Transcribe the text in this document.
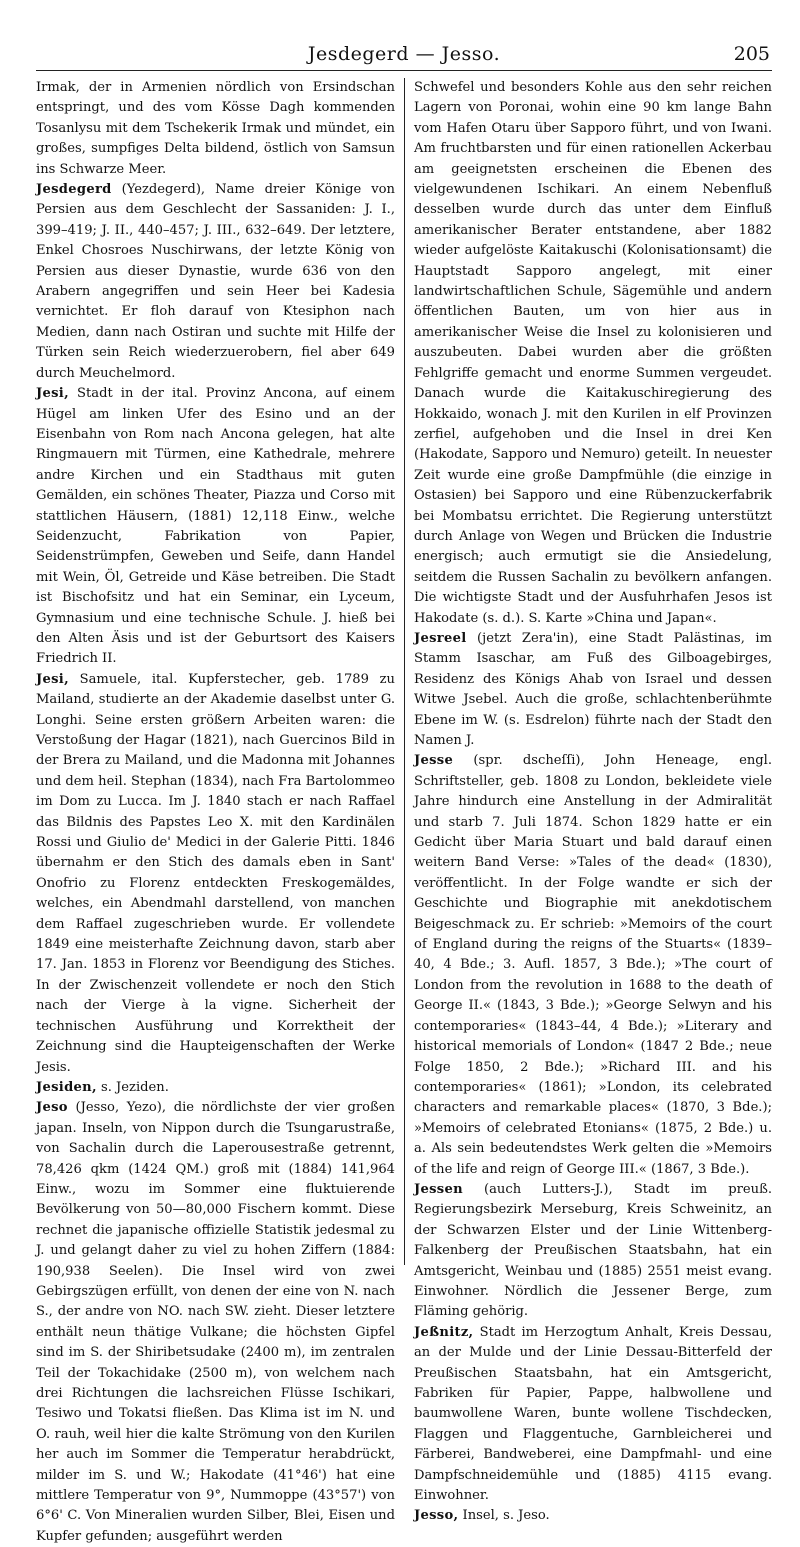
Jesdegerd — Jesso.	205

Irmak, der in Armenien nördlich von Ersindschan entspringt, und des vom Kösse Dagh kommenden Tosanlysu mit dem Tschekerik Irmak und mündet, ein großes, sumpfiges Delta bildend, östlich von Samsun ins Schwarze Meer.

Jesdegerd (Yezdegerd), Name dreier Könige von Persien aus dem Geschlecht der Sassaniden: J. I., 399–419; J. II., 440–457; J. III., 632–649. Der letztere, Enkel Chosroes Nuschirwans, der letzte König von Persien aus dieser Dynastie, wurde 636 von den Arabern angegriffen und sein Heer bei Kadesia vernichtet. Er floh darauf von Ktesiphon nach Medien, dann nach Ostiran und suchte mit Hilfe der Türken sein Reich wiederzuerobern, fiel aber 649 durch Meuchelmord.

Jesi, Stadt in der ital. Provinz Ancona, auf einem Hügel am linken Ufer des Esino und an der Eisenbahn von Rom nach Ancona gelegen, hat alte Ringmauern mit Türmen, eine Kathedrale, mehrere andre Kirchen und ein Stadthaus mit guten Gemälden, ein schönes Theater, Piazza und Corso mit stattlichen Häusern, (1881) 12,118 Einw., welche Seidenzucht, Fabrikation von Papier, Seidenstrümpfen, Geweben und Seife, dann Handel mit Wein, Öl, Getreide und Käse betreiben. Die Stadt ist Bischofsitz und hat ein Seminar, ein Lyceum, Gymnasium und eine technische Schule. J. hieß bei den Alten Äsis und ist der Geburtsort des Kaisers Friedrich II.

Jesi, Samuele, ital. Kupferstecher, geb. 1789 zu Mailand, studierte an der Akademie daselbst unter G. Longhi. Seine ersten größern Arbeiten waren: die Verstoßung der Hagar (1821), nach Guercinos Bild in der Brera zu Mailand, und die Madonna mit Johannes und dem heil. Stephan (1834), nach Fra Bartolommeo im Dom zu Lucca. Im J. 1840 stach er nach Raffael das Bildnis des Papstes Leo X. mit den Kardinälen Rossi und Giulio de' Medici in der Galerie Pitti. 1846 übernahm er den Stich des damals eben in Sant' Onofrio zu Florenz entdeckten Freskogemäldes, welches, ein Abendmahl darstellend, von manchen dem Raffael zugeschrieben wurde. Er vollendete 1849 eine meisterhafte Zeichnung davon, starb aber 17. Jan. 1853 in Florenz vor Beendigung des Stiches. In der Zwischenzeit vollendete er noch den Stich nach der Vierge à la vigne. Sicherheit der technischen Ausführung und Korrektheit der Zeichnung sind die Haupteigenschaften der Werke Jesis.

Jesiden, s. Jeziden.

Jeso (Jesso, Yezo), die nördlichste der vier großen japan. Inseln, von Nippon durch die Tsungarustraße, von Sachalin durch die Laperousestraße getrennt, 78,426 qkm (1424 QM.) groß mit (1884) 141,964 Einw., wozu im Sommer eine fluktuierende Bevölkerung von 50—80,000 Fischern kommt. Diese rechnet die japanische offizielle Statistik jedesmal zu J. und gelangt daher zu viel zu hohen Ziffern (1884: 190,938 Seelen). Die Insel wird von zwei Gebirgszügen erfüllt, von denen der eine von N. nach S., der andre von NO. nach SW. zieht. Dieser letztere enthält neun thätige Vulkane; die höchsten Gipfel sind im S. der Shiribetsudake (2400 m), im zentralen Teil der Tokachidake (2500 m), von welchem nach drei Richtungen die lachsreichen Flüsse Ischikari, Tesiwo und Tokatsi fließen. Das Klima ist im N. und O. rauh, weil hier die kalte Strömung von den Kurilen her auch im Sommer die Temperatur herabdrückt, milder im S. und W.; Hakodate (41°46') hat eine mittlere Temperatur von 9°, Nummoppe (43°57') von 6°6' C. Von Mineralien wurden Silber, Blei, Eisen und Kupfer gefunden; ausgeführt werden

Schwefel und besonders Kohle aus den sehr reichen Lagern von Poronai, wohin eine 90 km lange Bahn vom Hafen Otaru über Sapporo führt, und von Iwani. Am fruchtbarsten und für einen rationellen Ackerbau am geeignetsten erscheinen die Ebenen des vielgewundenen Ischikari. An einem Nebenfluß desselben wurde durch das unter dem Einfluß amerikanischer Berater entstandene, aber 1882 wieder aufgelöste Kaitakuschi (Kolonisationsamt) die Hauptstadt Sapporo angelegt, mit einer landwirtschaftlichen Schule, Sägemühle und andern öffentlichen Bauten, um von hier aus in amerikanischer Weise die Insel zu kolonisieren und auszubeuten. Dabei wurden aber die größten Fehlgriffe gemacht und enorme Summen vergeudet. Danach wurde die Kaitakuschiregierung des Hokkaido, wonach J. mit den Kurilen in elf Provinzen zerfiel, aufgehoben und die Insel in drei Ken (Hakodate, Sapporo und Nemuro) geteilt. In neuester Zeit wurde eine große Dampfmühle (die einzige in Ostasien) bei Sapporo und eine Rübenzuckerfabrik bei Mombatsu errichtet. Die Regierung unterstützt durch Anlage von Wegen und Brücken die Industrie energisch; auch ermutigt sie die Ansiedelung, seitdem die Russen Sachalin zu bevölkern anfangen. Die wichtigste Stadt und der Ausfuhrhafen Jesos ist Hakodate (s. d.). S. Karte »China und Japan«.

Jesreel (jetzt Zera'in), eine Stadt Palästinas, im Stamm Isaschar, am Fuß des Gilboagebirges, Residenz des Königs Ahab von Israel und dessen Witwe Jsebel. Auch die große, schlachtenberühmte Ebene im W. (s. Esdrelon) führte nach der Stadt den Namen J.

Jesse (spr. dscheſſi), John Heneage, engl. Schriftsteller, geb. 1808 zu London, bekleidete viele Jahre hindurch eine Anstellung in der Admiralität und starb 7. Juli 1874. Schon 1829 hatte er ein Gedicht über Maria Stuart und bald darauf einen weitern Band Verse: »Tales of the dead« (1830), veröffentlicht. In der Folge wandte er sich der Geschichte und Biographie mit anekdotischem Beigeschmack zu. Er schrieb: »Memoirs of the court of England during the reigns of the Stuarts« (1839–40, 4 Bde.; 3. Aufl. 1857, 3 Bde.); »The court of London from the revolution in 1688 to the death of George II.« (1843, 3 Bde.); »George Selwyn and his contemporaries« (1843–44, 4 Bde.); »Literary and historical memorials of London« (1847 2 Bde.; neue Folge 1850, 2 Bde.); »Richard III. and his contemporaries« (1861); »London, its celebrated characters and remarkable places« (1870, 3 Bde.); »Memoirs of celebrated Etonians« (1875, 2 Bde.) u. a. Als sein bedeutendstes Werk gelten die »Memoirs of the life and reign of George III.« (1867, 3 Bde.).

Jessen (auch Lutters-J.), Stadt im preuß. Regierungsbezirk Merseburg, Kreis Schweinitz, an der Schwarzen Elster und der Linie Wittenberg-Falkenberg der Preußischen Staatsbahn, hat ein Amtsgericht, Weinbau und (1885) 2551 meist evang. Einwohner. Nördlich die Jessener Berge, zum Fläming gehörig.

Jeßnitz, Stadt im Herzogtum Anhalt, Kreis Dessau, an der Mulde und der Linie Dessau-Bitterfeld der Preußischen Staatsbahn, hat ein Amtsgericht, Fabriken für Papier, Pappe, halbwollene und baumwollene Waren, bunte wollene Tischdecken, Flaggen und Flaggentuche, Garnbleicherei und Färberei, Bandweberei, eine Dampfmahl- und eine Dampfschneidemühle und (1885) 4115 evang. Einwohner.

Jesso, Insel, s. Jeso.
